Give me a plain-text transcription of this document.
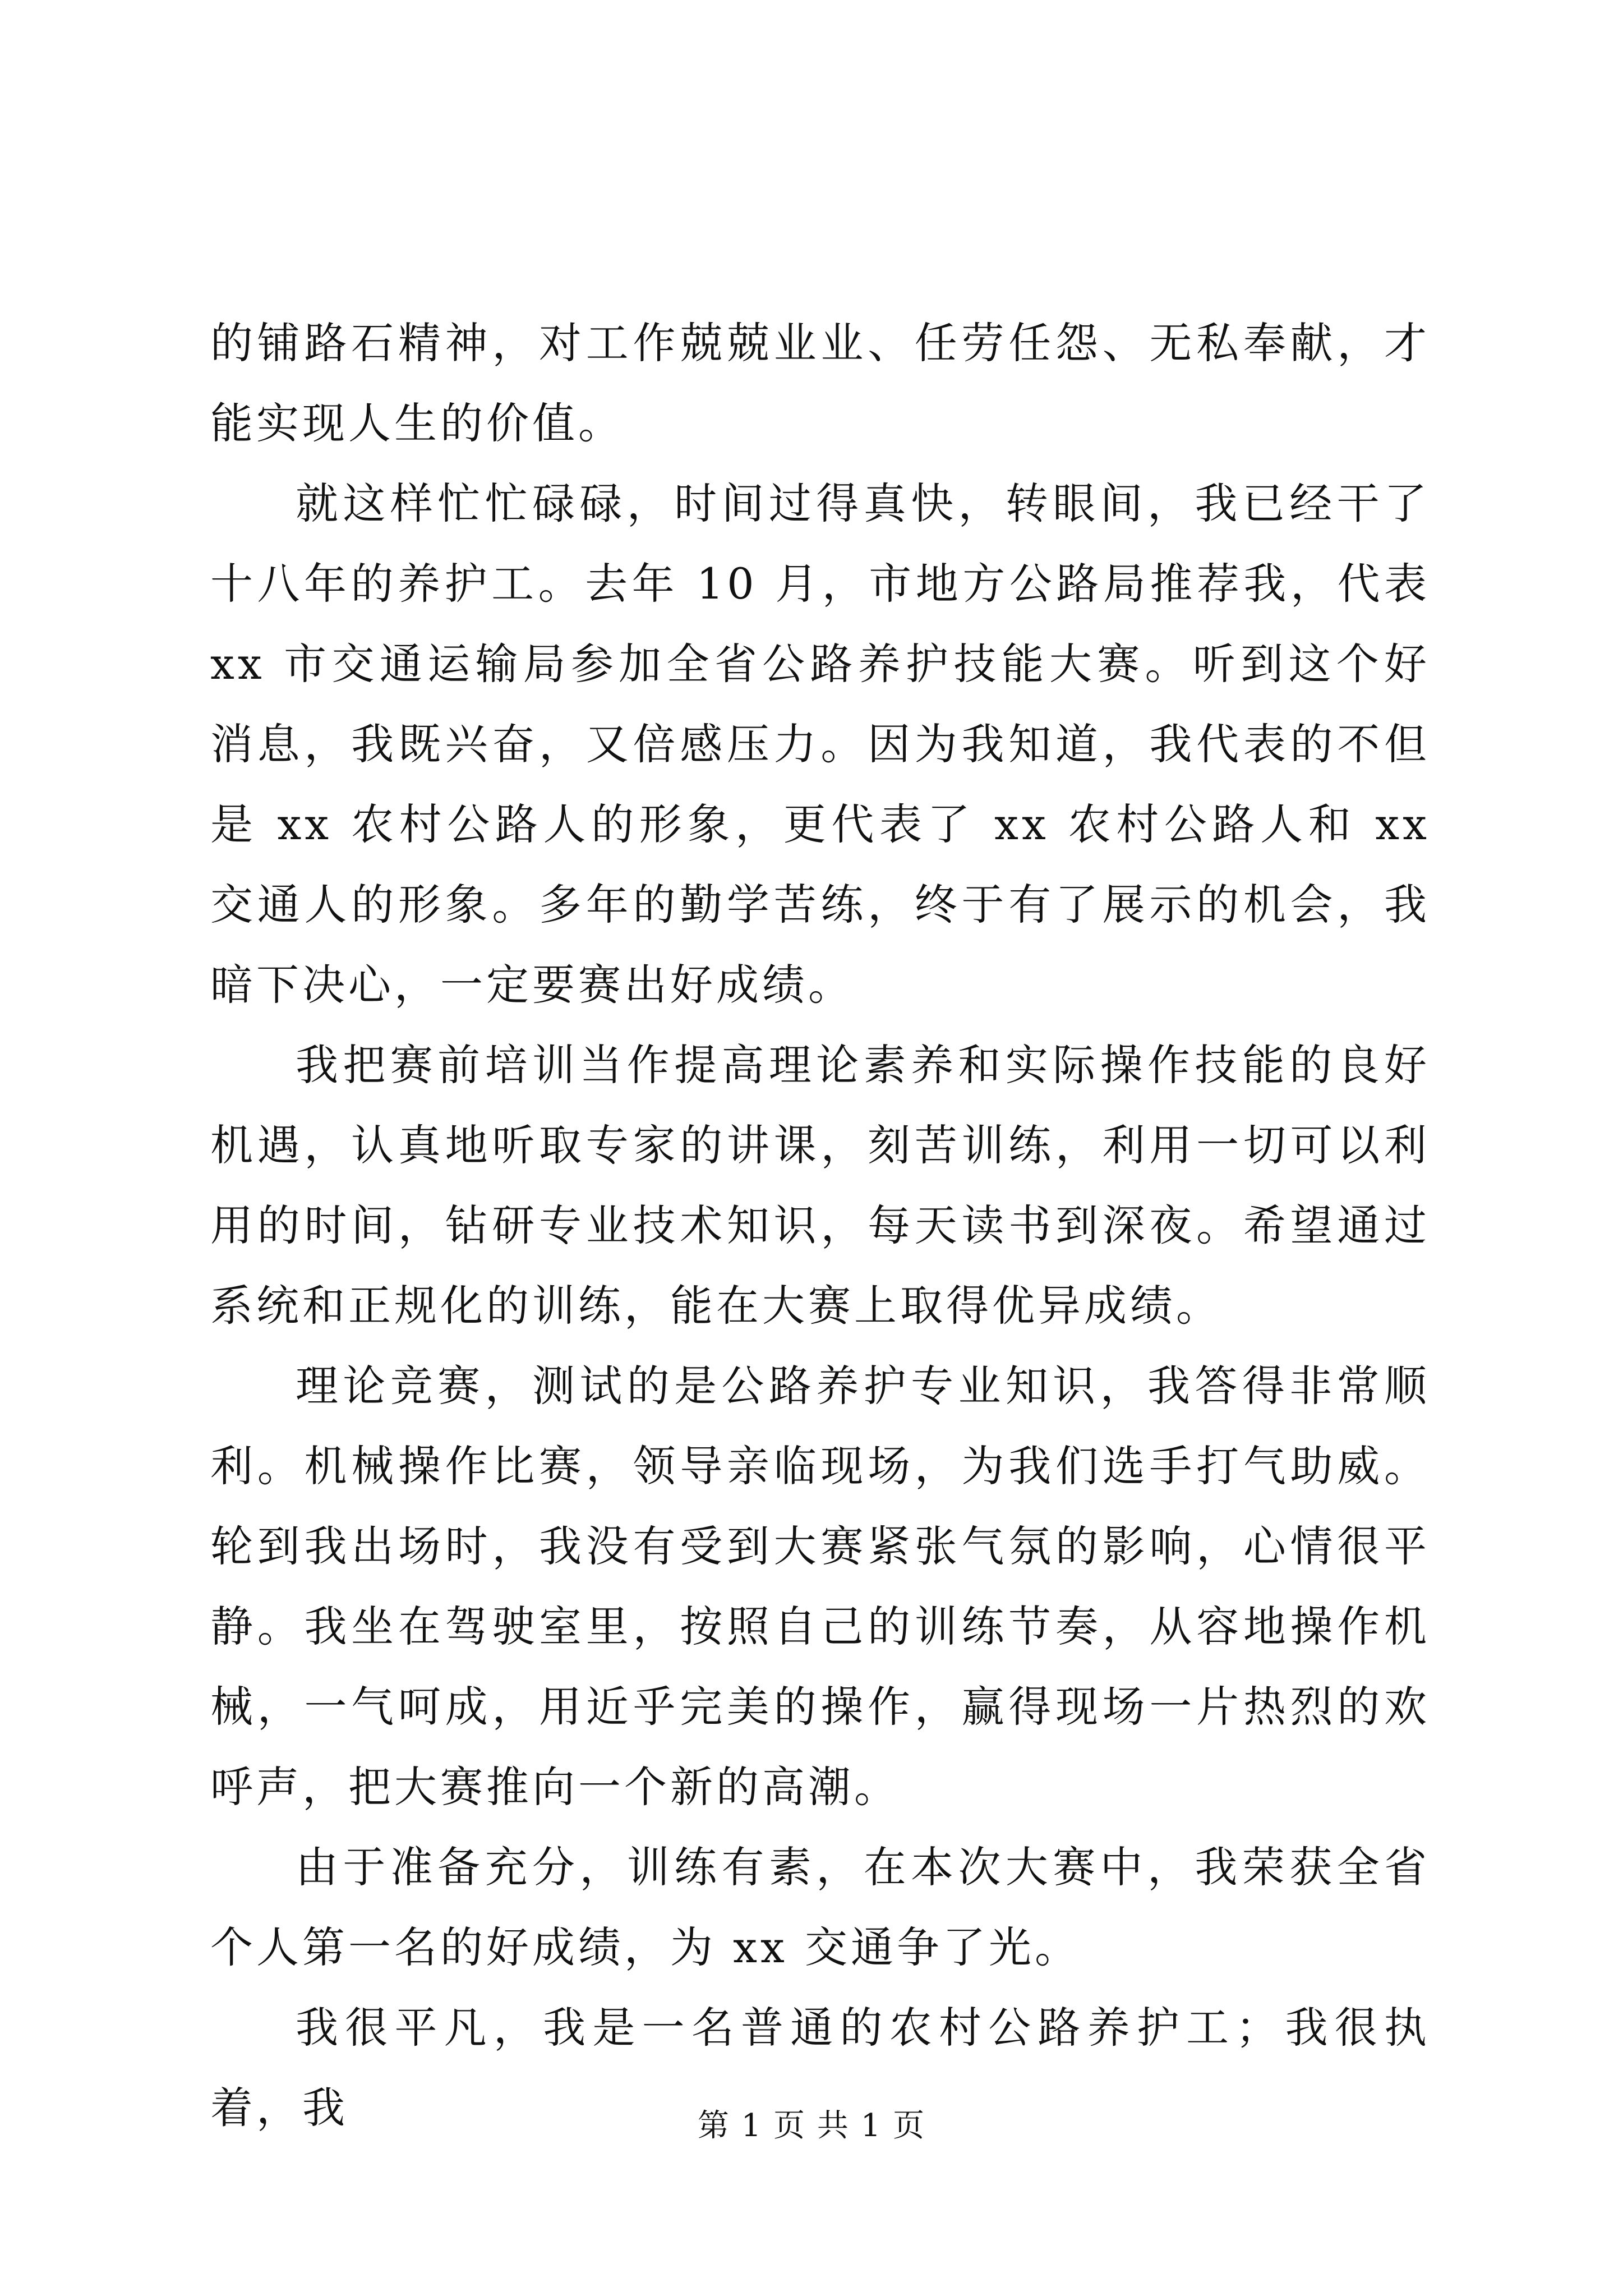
的铺路石精神，对工作兢兢业业、任劳任怨、无私奉献，才能实现人生的价值。

就这样忙忙碌碌，时间过得真快，转眼间，我已经干了十八年的养护工。去年 10 月，市地方公路局推荐我，代表 xx 市交通运输局参加全省公路养护技能大赛。听到这个好消息，我既兴奋，又倍感压力。因为我知道，我代表的不但是 xx 农村公路人的形象，更代表了 xx 农村公路人和 xx 交通人的形象。多年的勤学苦练，终于有了展示的机会，我暗下决心，一定要赛出好成绩。

我把赛前培训当作提高理论素养和实际操作技能的良好机遇，认真地听取专家的讲课，刻苦训练，利用一切可以利用的时间，钻研专业技术知识，每天读书到深夜。希望通过系统和正规化的训练，能在大赛上取得优异成绩。

理论竞赛，测试的是公路养护专业知识，我答得非常顺利。机械操作比赛，领导亲临现场，为我们选手打气助威。轮到我出场时，我没有受到大赛紧张气氛的影响，心情很平静。我坐在驾驶室里，按照自己的训练节奏，从容地操作机械，一气呵成，用近乎完美的操作，赢得现场一片热烈的欢呼声，把大赛推向一个新的高潮。

由于准备充分，训练有素，在本次大赛中，我荣获全省个人第一名的好成绩，为 xx 交通争了光。

我很平凡，我是一名普通的农村公路养护工；我很执着，我	第 1 页 共 1 页
